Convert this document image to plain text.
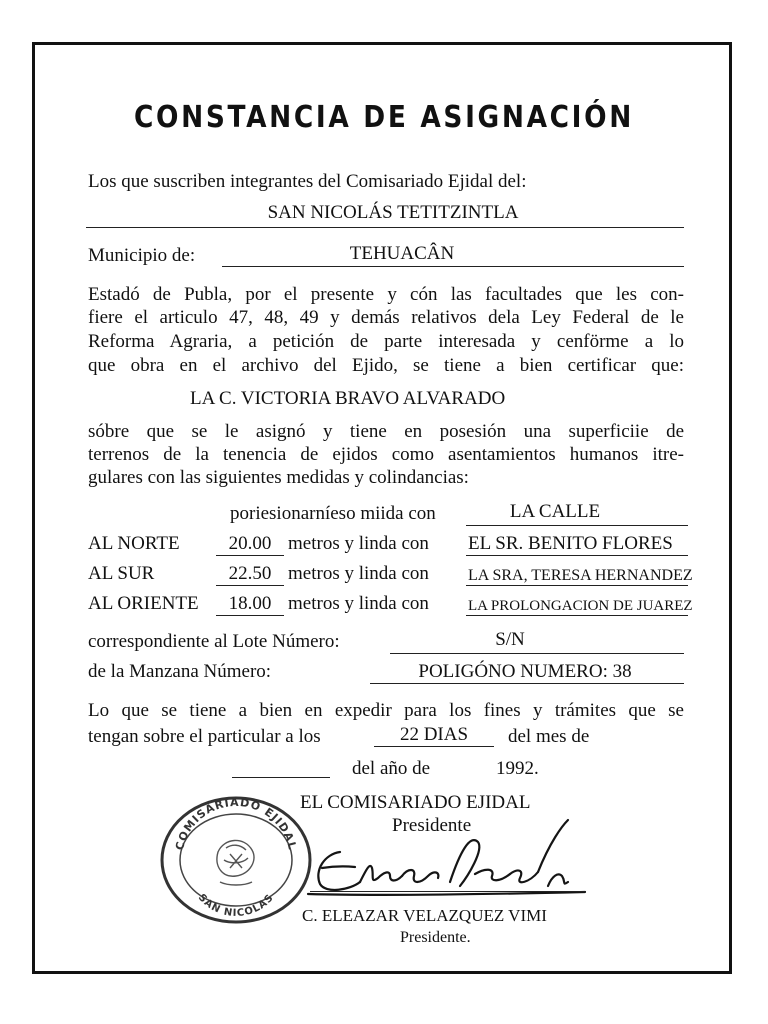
CONSTANCIA DE ASIGNACIÓN
Los que suscriben integrantes del Comisariado Ejidal del:
SAN NICOLÁS TETITZINTLA
Municipio de:	TEHUACÂN
Estadó de Publa, por el presente y cón las facultades que les con-
fiere el articulo 47, 48, 49 y demás relativos dela Ley Federal de le
Reforma Agraria, a petición de parte interesada y cenförme a lo
que obra en el archivo del Ejido, se tiene a bien certificar que:
LA C. VICTORIA BRAVO ALVARADO
sóbre que se le asignó y tiene en posesión una superficiie de
terrenos de la tenencia de ejidos como asentamientos humanos itre-
gulares con las siguientes medidas y colindancias:
poriesionarníeso miida con	LA CALLE
AL NORTE	20.00 metros y linda con EL SR. BENITO FLORES
AL SUR	22.50 metros y linda con LA SRA, TERESA HERNANDEZ
AL ORIENTE	18.00 metros y linda con	LA PROLONGACION DE JUAREZ
correspondiente al Lote Número:	S/N
de la Manzana Número:	POLIGÓNO NUMERO: 38
Lo que se tiene a bien en expedir para los fines y trámites que se
tengan sobre el particular a los	22 DIAS	del mes de
del año de	1992.
EL COMISARIADO EJIDAL
Presidente
C. ELEAZAR VELAZQUEZ VIMI
Presidente.
COMISARIADO EJIDAL
SAN NICOLAS
